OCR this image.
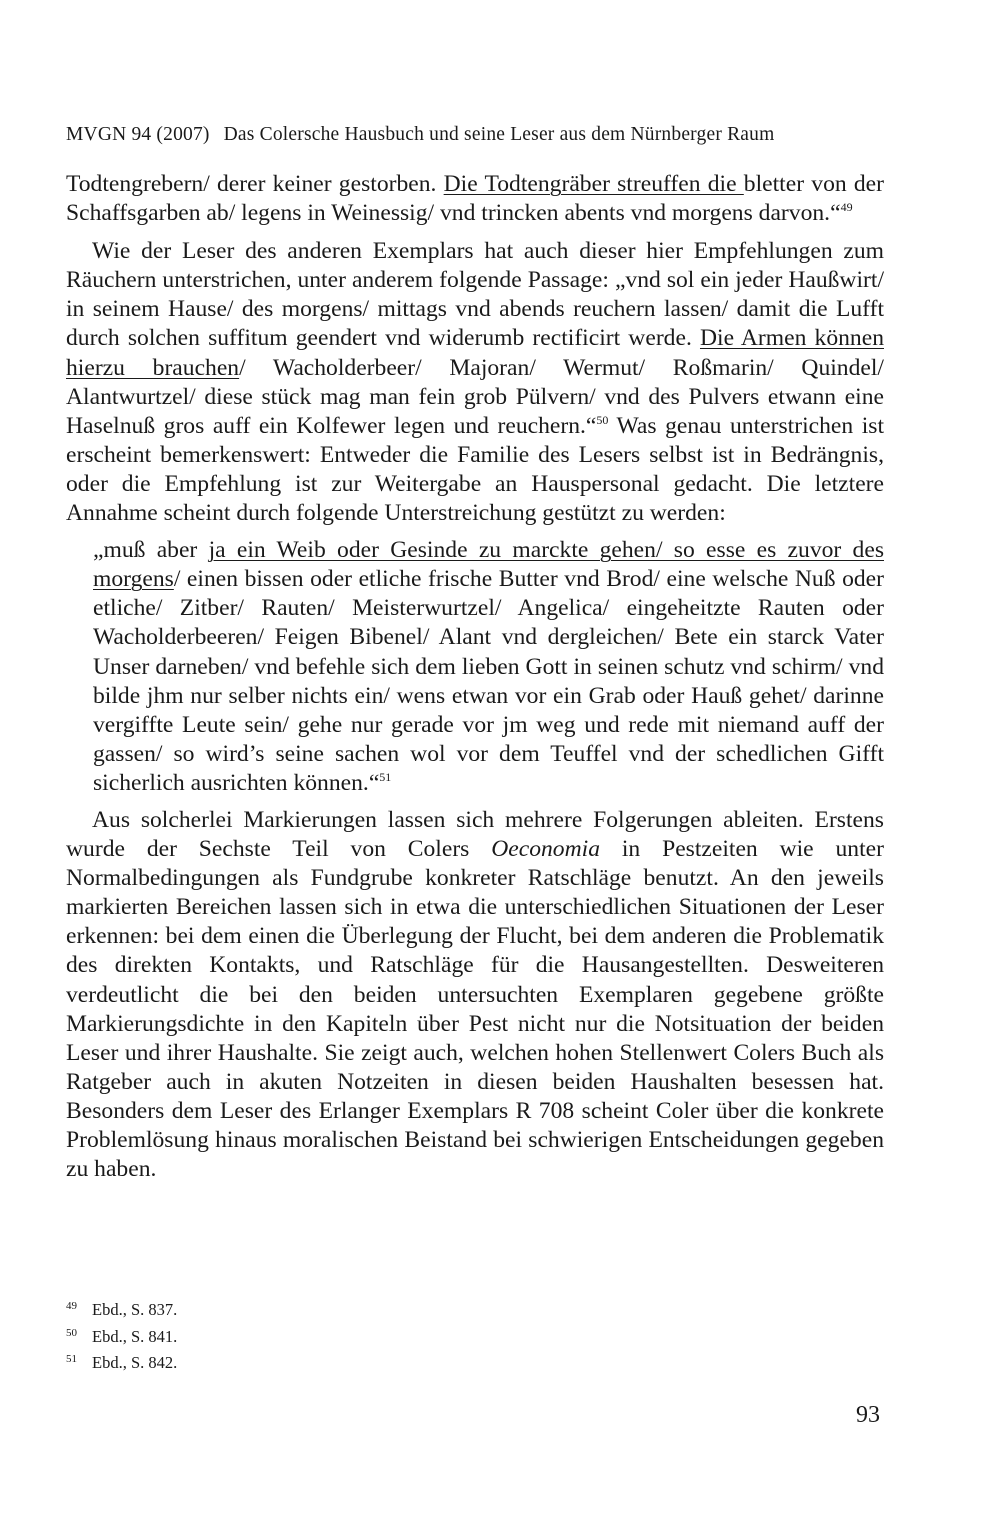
MVGN 94 (2007) Das Colersche Hausbuch und seine Leser aus dem Nürnberger Raum

Todtengrebern/ derer keiner gestorben. Die Todtengräber streuffen die bletter von der Schaffsgarben ab/ legens in Weinessig/ vnd trincken abents vnd morgens darvon.“$^{49}$

Wie der Leser des anderen Exemplars hat auch dieser hier Empfehlungen zum Räuchern unterstrichen, unter anderem folgende Passage: „vnd sol ein jeder Haußwirt/ in seinem Hause/ des morgens/ mittags vnd abends reuchern lassen/ damit die Lufft durch solchen suffitum geendert vnd widerumb rectificirt werde. Die Armen können hierzu brauchen/ Wacholderbeer/ Majoran/ Wermut/ Roßmarin/ Quindel/ Alantwurtzel/ diese stück mag man fein grob Pülvern/ vnd des Pulvers etwann eine Haselnuß gros auff ein Kolfewer legen und reuchern.“$^{50}$ Was genau unterstrichen ist erscheint bemerkenswert: Entweder die Familie des Lesers selbst ist in Bedrängnis, oder die Empfehlung ist zur Weitergabe an Hauspersonal gedacht. Die letztere Annahme scheint durch folgende Unterstreichung gestützt zu werden:

„muß aber ja ein Weib oder Gesinde zu marckte gehen/ so esse es zuvor des morgens/ einen bissen oder etliche frische Butter vnd Brod/ eine welsche Nuß oder etliche/ Zitber/ Rauten/ Meisterwurtzel/ Angelica/ eingeheitzte Rauten oder Wacholderbeeren/ Feigen Bibenel/ Alant vnd dergleichen/ Bete ein starck Vater Unser darneben/ vnd befehle sich dem lieben Gott in seinen schutz vnd schirm/ vnd bilde jhm nur selber nichts ein/ wens etwan vor ein Grab oder Hauß gehet/ darinne vergiffte Leute sein/ gehe nur gerade vor jm weg und rede mit niemand auff der gassen/ so wird’s seine sachen wol vor dem Teuffel vnd der schedlichen Gifft sicherlich ausrichten können.“$^{51}$

Aus solcherlei Markierungen lassen sich mehrere Folgerungen ableiten. Erstens wurde der Sechste Teil von Colers Oeconomia in Pestzeiten wie unter Normalbedingungen als Fundgrube konkreter Ratschläge benutzt. An den jeweils markierten Bereichen lassen sich in etwa die unterschiedlichen Situationen der Leser erkennen: bei dem einen die Überlegung der Flucht, bei dem anderen die Problematik des direkten Kontakts, und Ratschläge für die Hausangestellten. Desweiteren verdeutlicht die bei den beiden untersuchten Exemplaren gegebene größte Markierungsdichte in den Kapiteln über Pest nicht nur die Notsituation der beiden Leser und ihrer Haushalte. Sie zeigt auch, welchen hohen Stellenwert Colers Buch als Ratgeber auch in akuten Notzeiten in diesen beiden Haushalten besessen hat. Besonders dem Leser des Erlanger Exemplars R 708 scheint Coler über die konkrete Problemlösung hinaus moralischen Beistand bei schwierigen Entscheidungen gegeben zu haben.

49 Ebd., S. 837.
50 Ebd., S. 841.
51 Ebd., S. 842.
93
